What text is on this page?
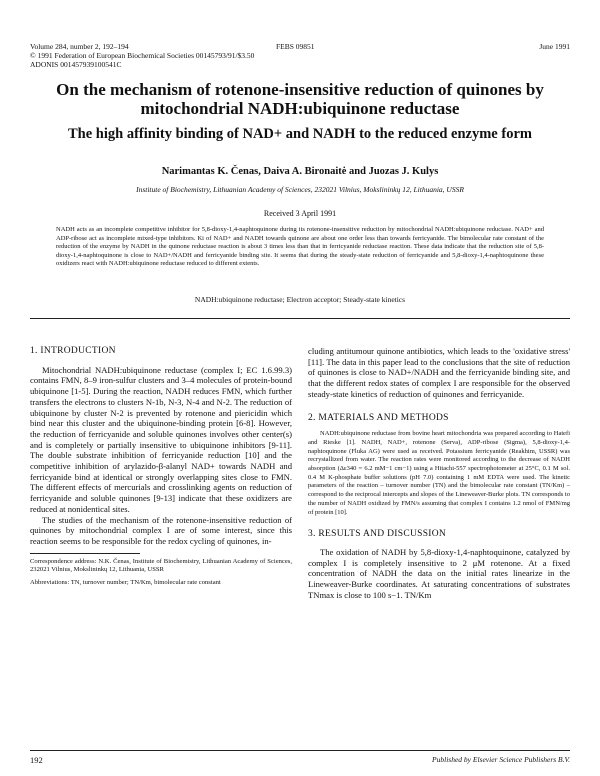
Volume 284, number 2, 192–194
© 1991 Federation of European Biochemical Societies 00145793/91/$3.50
ADONIS 001457939100541C
FEBS 09851	June 1991
On the mechanism of rotenone-insensitive reduction of quinones by mitochondrial NADH:ubiquinone reductase
The high affinity binding of NAD+ and NADH to the reduced enzyme form
Narimantas K. Čenas, Daiva A. Bironaitė and Juozas J. Kulys
Institute of Biochemistry, Lithuanian Academy of Sciences, 232021 Vilnius, Mokslininkų 12, Lithuania, USSR
Received 3 April 1991
NADH acts as an incomplete competitive inhibitor for 5,8-dioxy-1,4-naphtoquinone during its rotenone-insensitive reduction by mitochondrial NADH:ubiquinone reductase. NAD+ and ADP-ribose act as incomplete mixed-type inhibitors. Ki of NAD+ and NADH towards quinone are about one order less than towards ferricyanide. The bimolecular rate constant of the reduction of the enzyme by NADH in the quinone reductase reaction is about 3 times less than that in ferricyanide reductase reaction. These data indicate that the reduction site of 5,8-dioxy-1,4-naphtoquinone is close to NAD+/NADH and ferricyanide binding site. It seems that during the steady-state reduction of ferricyanide and 5,8-dioxy-1,4-naphtoquinone these oxidizers react with NADH:ubiquinone reductase reduced to different extents.
NADH:ubiquinone reductase; Electron acceptor; Steady-state kinetics
1. INTRODUCTION

Mitochondrial NADH:ubiquinone reductase (complex I; EC 1.6.99.3) contains FMN, 8–9 iron-sulfur clusters and 3–4 molecules of protein-bound ubiquinone [1-5]. During the reaction, NADH reduces FMN, which further transfers the electrons to clusters N-1b, N-3, N-4 and N-2. The reduction of ubiquinone by cluster N-2 is prevented by rotenone and piericidin which bind near this cluster and the ubiquinone-binding protein [6-8]. However, the reduction of ferricyanide and soluble quinones involves other center(s) and is completely or partially insensitive to ubiquinone inhibitors [9-11]. The double substrate inhibition of ferricyanide reduction [10] and the competitive inhibition of arylazido-β-alanyl NAD+ towards NADH and ferricyanide bind at identical or strongly overlapping sites close to FMN. The different effects of mercurials and crosslinking agents on reduction of ferricyanide and soluble quinones [9-13] indicate that these oxidizers are reduced at nonidentical sites.

The studies of the mechanism of the rotenone-insensitive reduction of quinones by mitochondrial complex I are of some interest, since this reaction seems to be responsible for the redox cycling of quinones, in-

Correspondence address: N.K. Čenas, Institute of Biochemistry, Lithuanian Academy of Sciences, 232021 Vilnius, Mokslininkų 12, Lithuania, USSR
Abbreviations: TN, turnover number; TN/Km, bimolecular rate constant

cluding antitumour quinone antibiotics, which leads to the 'oxidative stress' [11]. The data in this paper lead to the conclusions that the site of reduction of quinones is close to NAD+/NADH and the ferricyanide binding site, and that the different redox states of complex I are responsible for the observed steady-state kinetics of reduction of quinones and ferricyanide.

2. MATERIALS AND METHODS

NADH:ubiquinone reductase from bovine heart mitochondria was prepared according to Hatefi and Rieske [1]. NADH, NAD+, rotenone (Serva), ADP-ribose (Sigma), 5,8-dioxy-1,4-naphtoquinone (Fluka AG) were used as received. Potassium ferricyanide (Reakhim, USSR) was recrystallized from water. The reaction rates were monitored according to the decrease of NADH absorption (Δε340 = 6.2 mM−1 cm−1) using a Hitachi-557 spectrophotometer at 25°C, 0.1 M sol. 0.4 M K-phosphate buffer solutions (pH 7.0) containing 1 mM EDTA were used. The kinetic parameters of the reaction – turnover number (TN) and the bimolecular rate constant (TN/Km) – correspond to the reciprocal intercepts and slopes of the Lineweaver-Burke plots. TN corresponds to the number of NADH oxidized by FMN/s assuming that complex I contains 1.2 nmol of FMN/mg of protein [10].

3. RESULTS AND DISCUSSION

The oxidation of NADH by 5,8-dioxy-1,4-naphtoquinone, catalyzed by complex I is completely insensitive to 2 μM rotenone. At a fixed concentration of NADH the data on the initial rates linearize in the Lineweaver-Burke coordinates. At saturating concentrations of substrates TNmax is close to 100 s−1. TN/Km

192	Published by Elsevier Science Publishers B.V.
